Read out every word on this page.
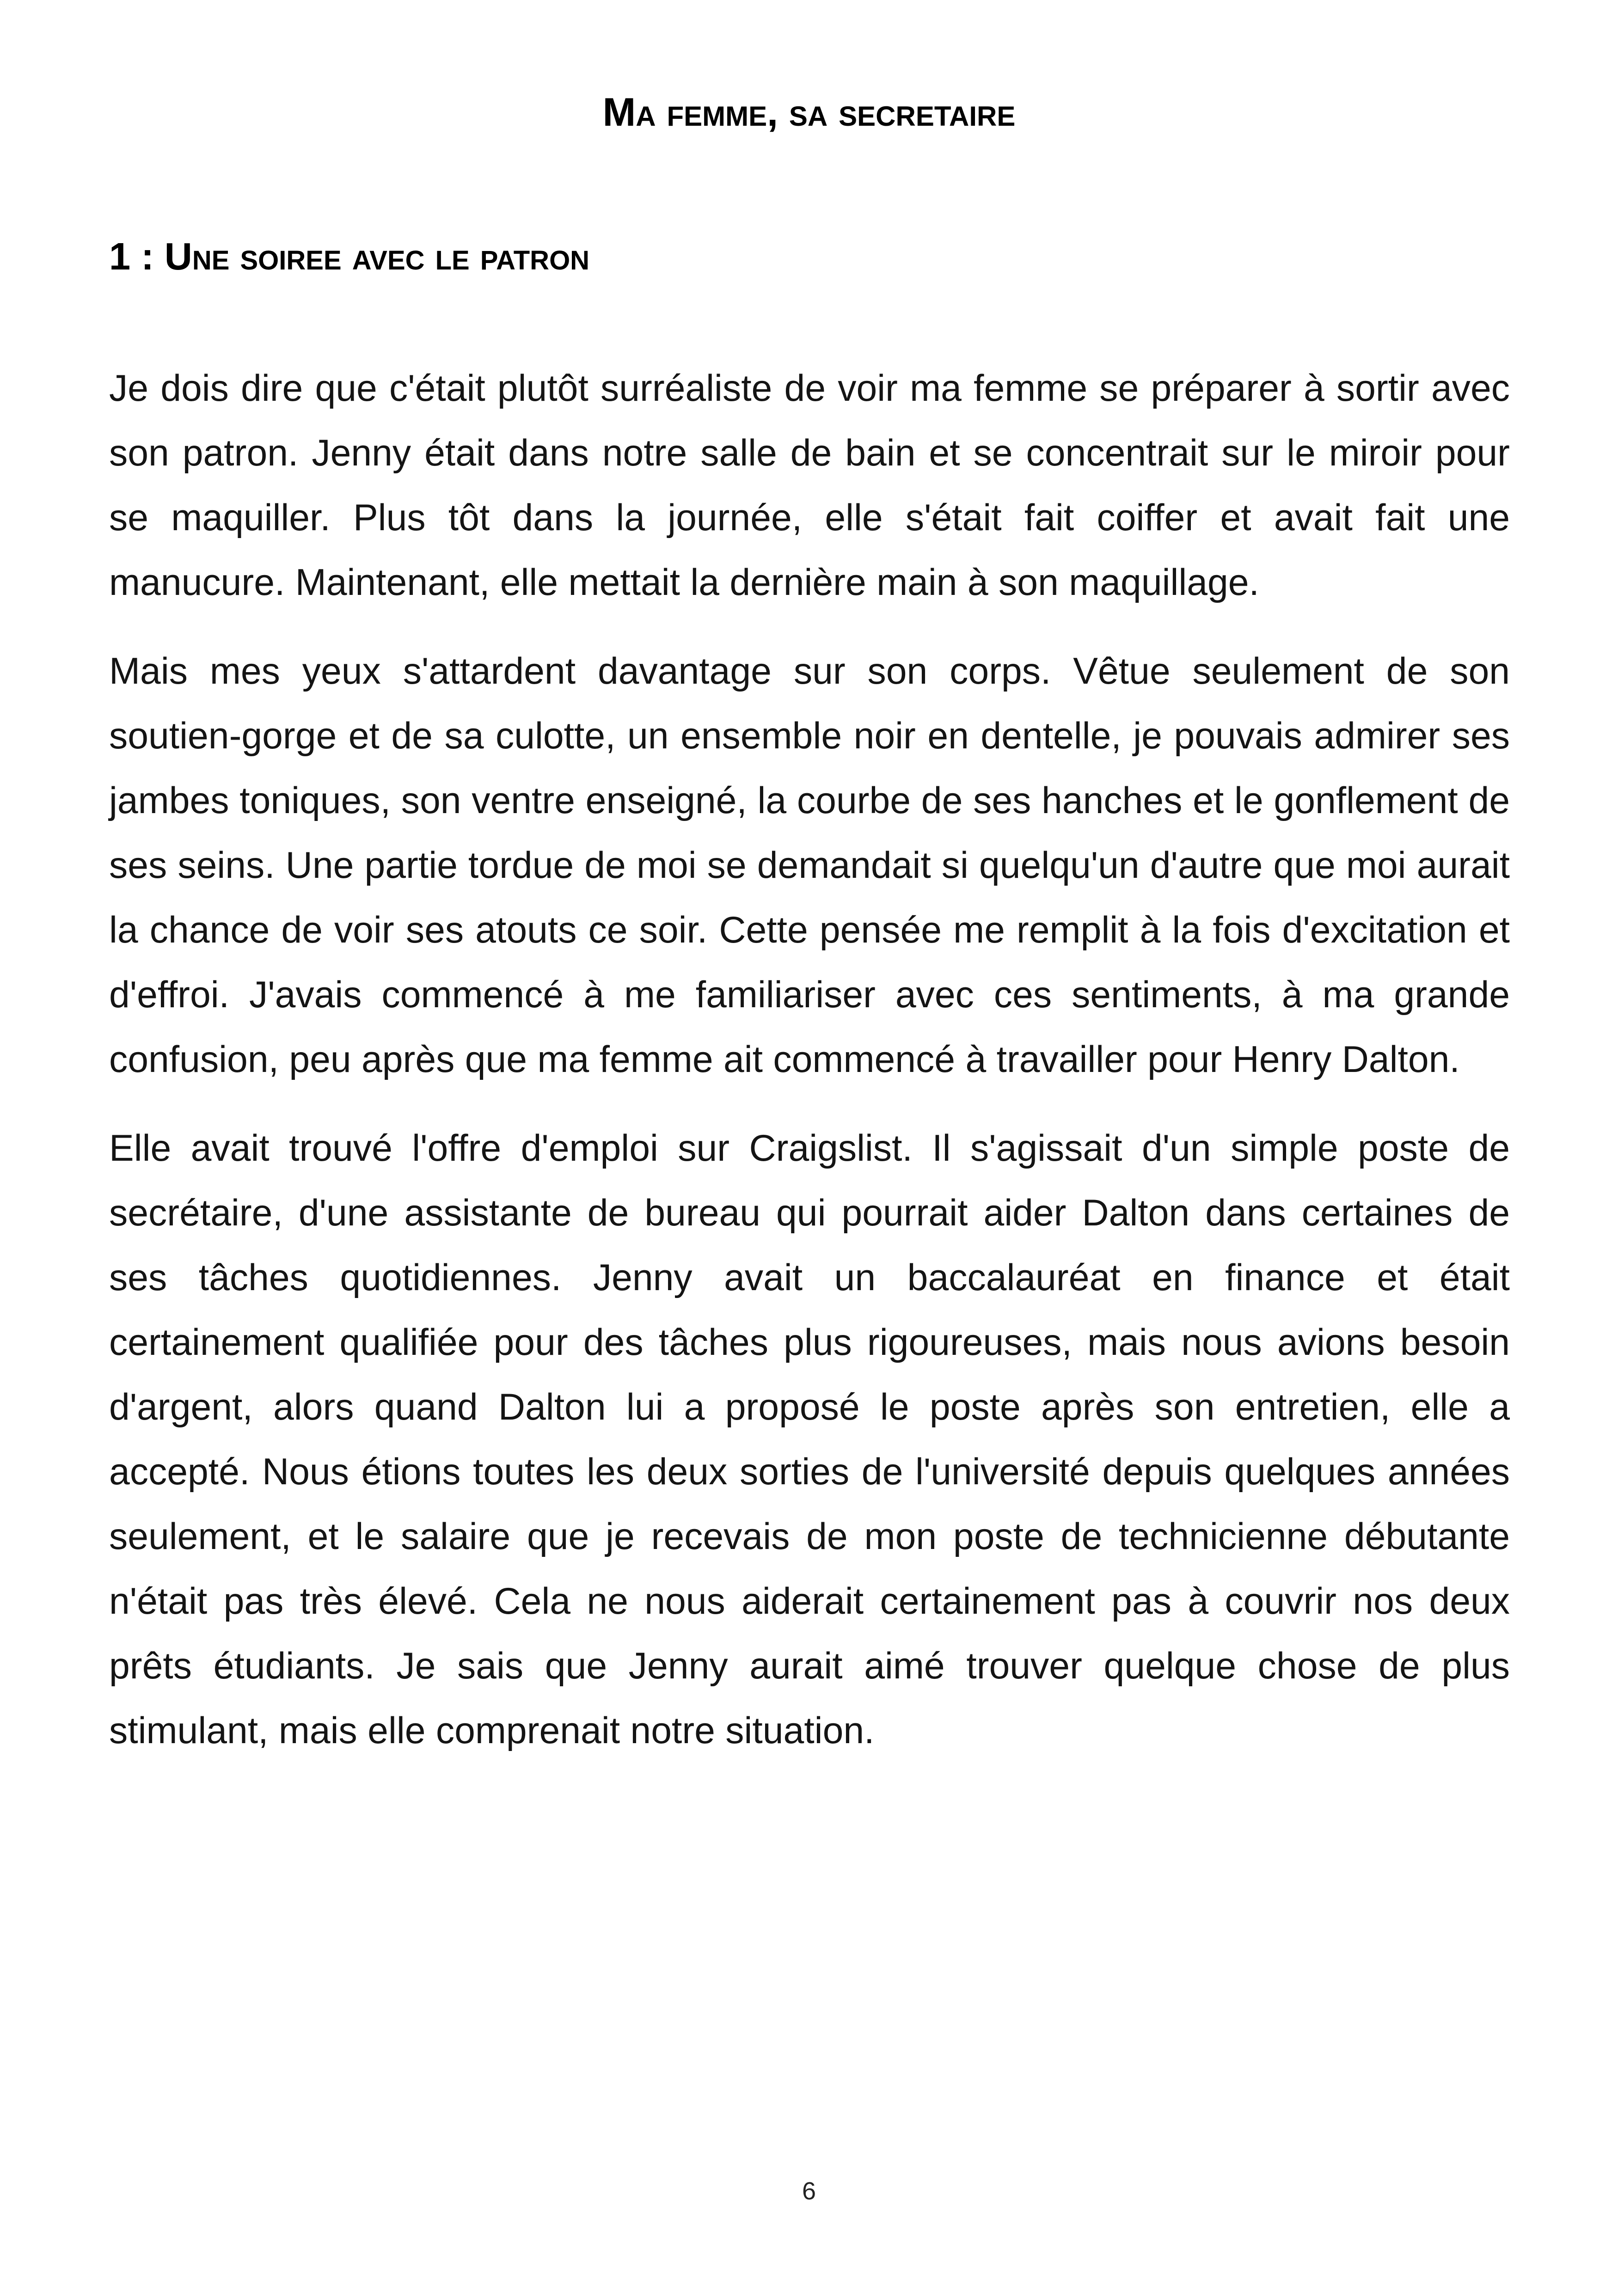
Ma femme, sa secretaire
1 : Une soiree avec le patron

Je dois dire que c'était plutôt surréaliste de voir ma femme se préparer à sortir avec son patron. Jenny était dans notre salle de bain et se concentrait sur le miroir pour se maquiller. Plus tôt dans la journée, elle s'était fait coiffer et avait fait une manucure. Maintenant, elle mettait la dernière main à son maquillage.

Mais mes yeux s'attardent davantage sur son corps. Vêtue seulement de son soutien-gorge et de sa culotte, un ensemble noir en dentelle, je pouvais admirer ses jambes toniques, son ventre enseigné, la courbe de ses hanches et le gonflement de ses seins. Une partie tordue de moi se demandait si quelqu'un d'autre que moi aurait la chance de voir ses atouts ce soir. Cette pensée me remplit à la fois d'excitation et d'effroi. J'avais commencé à me familiariser avec ces sentiments, à ma grande confusion, peu après que ma femme ait commencé à travailler pour Henry Dalton.

Elle avait trouvé l'offre d'emploi sur Craigslist. Il s'agissait d'un simple poste de secrétaire, d'une assistante de bureau qui pourrait aider Dalton dans certaines de ses tâches quotidiennes. Jenny avait un baccalauréat en finance et était certainement qualifiée pour des tâches plus rigoureuses, mais nous avions besoin d'argent, alors quand Dalton lui a proposé le poste après son entretien, elle a accepté. Nous étions toutes les deux sorties de l'université depuis quelques années seulement, et le salaire que je recevais de mon poste de technicienne débutante n'était pas très élevé. Cela ne nous aiderait certainement pas à couvrir nos deux prêts étudiants. Je sais que Jenny aurait aimé trouver quelque chose de plus stimulant, mais elle comprenait notre situation.

6
